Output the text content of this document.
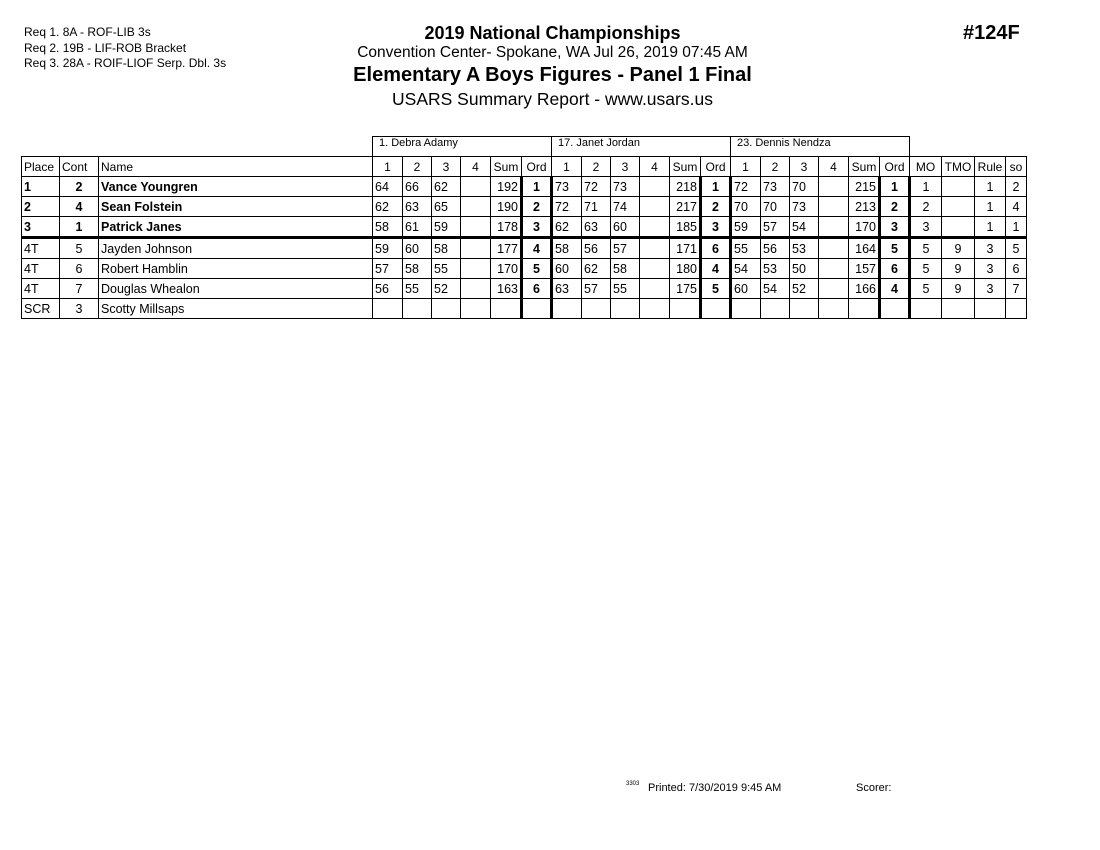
Req 1. 8A - ROF-LIB 3s
Req 2. 19B - LIF-ROB Bracket
Req 3. 28A - ROIF-LIOF Serp. Dbl. 3s
2019 National Championships
Convention Center- Spokane, WA Jul 26, 2019 07:45 AM
Elementary A Boys Figures - Panel 1 Final
USARS Summary Report - www.usars.us
#124F
			1. Debra Adamy						17. Janet Jordan						23. Dennis Nendza									
Place	Cont	Name	1	2	3	4	Sum	Ord	1	2	3	4	Sum	Ord	1	2	3	4	Sum	Ord	MO	TMO	Rule	so
1	2	Vance Youngren	64	66	62		192	1	73	72	73		218	1	72	73	70		215	1	1		1	2
2	4	Sean Folstein	62	63	65		190	2	72	71	74		217	2	70	70	73		213	2	2		1	4
3	1	Patrick Janes	58	61	59		178	3	62	63	60		185	3	59	57	54		170	3	3		1	1
4T	5	Jayden Johnson	59	60	58		177	4	58	56	57		171	6	55	56	53		164	5	5	9	3	5
4T	6	Robert Hamblin	57	58	55		170	5	60	62	58		180	4	54	53	50		157	6	5	9	3	6
4T	7	Douglas Whealon	56	55	52		163	6	63	57	55		175	5	60	54	52		166	4	5	9	3	7
SCR	3	Scotty Millsaps																						
3303 Printed: 7/30/2019 9:45 AM	Scorer:
